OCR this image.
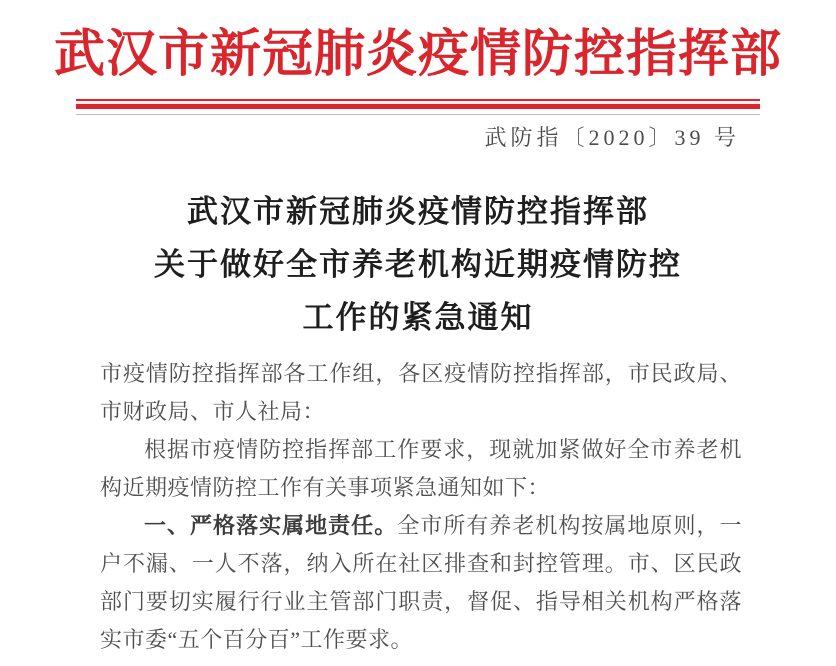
武汉市新冠肺炎疫情防控指挥部
武防指〔2020〕39 号
武汉市新冠肺炎疫情防控指挥部
关于做好全市养老机构近期疫情防控
工作的紧急通知

市疫情防控指挥部各工作组，各区疫情防控指挥部，市民政局、市财政局、市人社局：

根据市疫情防控指挥部工作要求，现就加紧做好全市养老机构近期疫情防控工作有关事项紧急通知如下：

一、严格落实属地责任。全市所有养老机构按属地原则，一户不漏、一人不落，纳入所在社区排查和封控管理。市、区民政部门要切实履行行业主管部门职责，督促、指导相关机构严格落实市委“五个百分百”工作要求。
